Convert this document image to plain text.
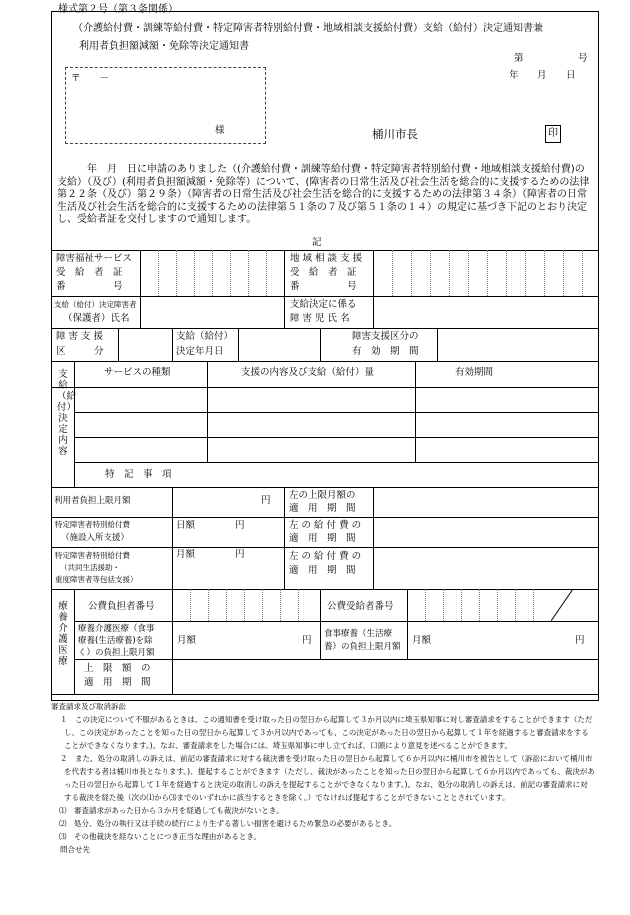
様式第２号（第３条関係）
（介護給付費・訓練等給付費・特定障害者特別給付費・地域相談支援給付費）支給（給付）決定通知書兼
利用者負担額減額・免除等決定通知書
第	号
年 月 日
〒　　－
様	桶川市長	印
　　　年　月　日に申請のありました（(介護給付費・訓練等給付費・特定障害者特別給付費・地域相談支援給付費)の支給）（及び）(利用者負担額減額・免除等）について、(障害者の日常生活及び社会生活を総合的に支援するための法律第２２条（及び）第２９条）（障害者の日常生活及び社会生活を総合的に支援するための法律第３４条）（障害者の日常生活及び社会生活を総合的に支援するための法律第５１条の７及び第５１条の１４）の規定に基づき下記のとおり決定し、受給者証を交付しますので通知します。
記
障害福祉サービス
受　給　者　証
番　　　　　号
地 域 相 談 支 援
受　給　者　証
番　　　　　号
支給（給付）決定障害者
（保護者）氏名
支給決定に係る
障 害 児 氏 名
障 害 支 援
区　　　分
支給（給付）
決定年月日
障害支援区分の
有　効　期　間
支給（給付）決定内容
サービスの種類	支援の内容及び支給（給付）量	有効期間
特　記　事　項
利用者負担上限月額	円 左の上限月額の
適　用　期　間
特定障害者特別給付費
（施設入所支援）
日額	円	左 の 給 付 費 の
適　用　期　間
特定障害者特別給付費
（共同生活援助・
重度障害者等包括支援）
月額	円	左 の 給 付 費 の
適　用　期　間
療養介護医療
公費負担者番号	公費受給者番号
療養介護医療（食事
療養(生活療養)を除
く）の負担上限月額
月額	円
食事療養（生活療
養）の負担上限月額
月額	円
上　限　額　の
適　用　期　間

審査請求及び取消訴訟

１　この決定について不服があるときは、この通知書を受け取った日の翌日から起算して３か月以内に埼玉県知事に対し審査請求をすることができます（ただし、この決定があったことを知った日の翌日から起算して３か月以内であっても、この決定があった日の翌日から起算して１年を経過すると審査請求をすることができなくなります。)。なお、審査請求をした場合には、埼玉県知事に申し立てれば、口頭により意見を述べることができます。

２　また、処分の取消しの訴えは、前記の審査請求に対する裁決書を受け取った日の翌日から起算して６か月以内に桶川市を被告として（訴訟において桶川市を代表する者は桶川市長となります。)、提起することができます（ただし、裁決があったことを知った日の翌日から起算して６か月以内であっても、裁決があった日の翌日から起算して１年を経過すると決定の取消しの訴えを提起することができなくなります。)。なお、処分の取消しの訴えは、前記の審査請求に対する裁決を経た後（次の⑴から⑶までのいずれかに該当するときを除く。）でなければ提起することができないこととされています。

⑴　審査請求があった日から３か月を経過しても裁決がないとき。

⑵　処分、処分の執行又は手続の続行により生ずる著しい損害を避けるため緊急の必要があるとき。

⑶　その他裁決を経ないことにつき正当な理由があるとき。

問合せ先
